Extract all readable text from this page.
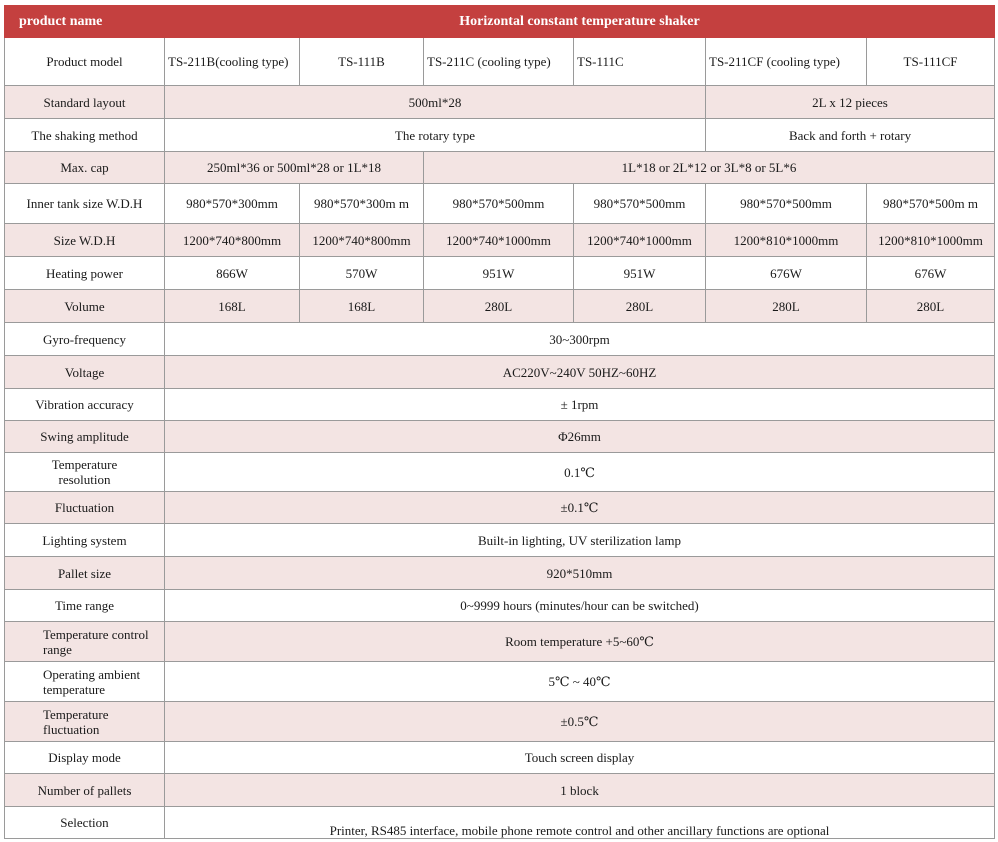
product name	Horizontal constant temperature shaker					
Product model	TS-211B(cooling type)	TS-111B	TS-211C (cooling type)	TS-111C	TS-211CF (cooling type)	TS-111CF
Standard layout	500ml*28				2L x 12 pieces	
The shaking method	The rotary type				Back and forth + rotary	
Max. cap	250ml*36 or 500ml*28 or 1L*18		1L*18 or 2L*12 or 3L*8 or 5L*6			
Inner tank size W.D.H	980*570*300mm	980*570*300m m	980*570*500mm	980*570*500mm	980*570*500mm	980*570*500m m
Size W.D.H	1200*740*800mm	1200*740*800mm	1200*740*1000mm	1200*740*1000mm	1200*810*1000mm	1200*810*1000mm
Heating power	866W	570W	951W	951W	676W	676W
Volume	168L	168L	280L	280L	280L	280L
Gyro-frequency	30~300rpm					
Voltage	AC220V~240V 50HZ~60HZ					
Vibration accuracy	± 1rpm					
Swing amplitude	Φ26mm					
Temperature
resolution	0.1℃					
Fluctuation	±0.1℃					
Lighting system	Built-in lighting, UV sterilization lamp					
Pallet size	920*510mm					
Time range	0~9999 hours (minutes/hour can be switched)					
Temperature control
range	Room temperature +5~60℃					
Operating ambient
temperature	5℃ ~ 40℃					
Temperature
fluctuation	±0.5℃					
Display mode	Touch screen display					
Number of pallets	1 block					
Selection	Printer, RS485 interface, mobile phone remote control and other ancillary functions are optional					
